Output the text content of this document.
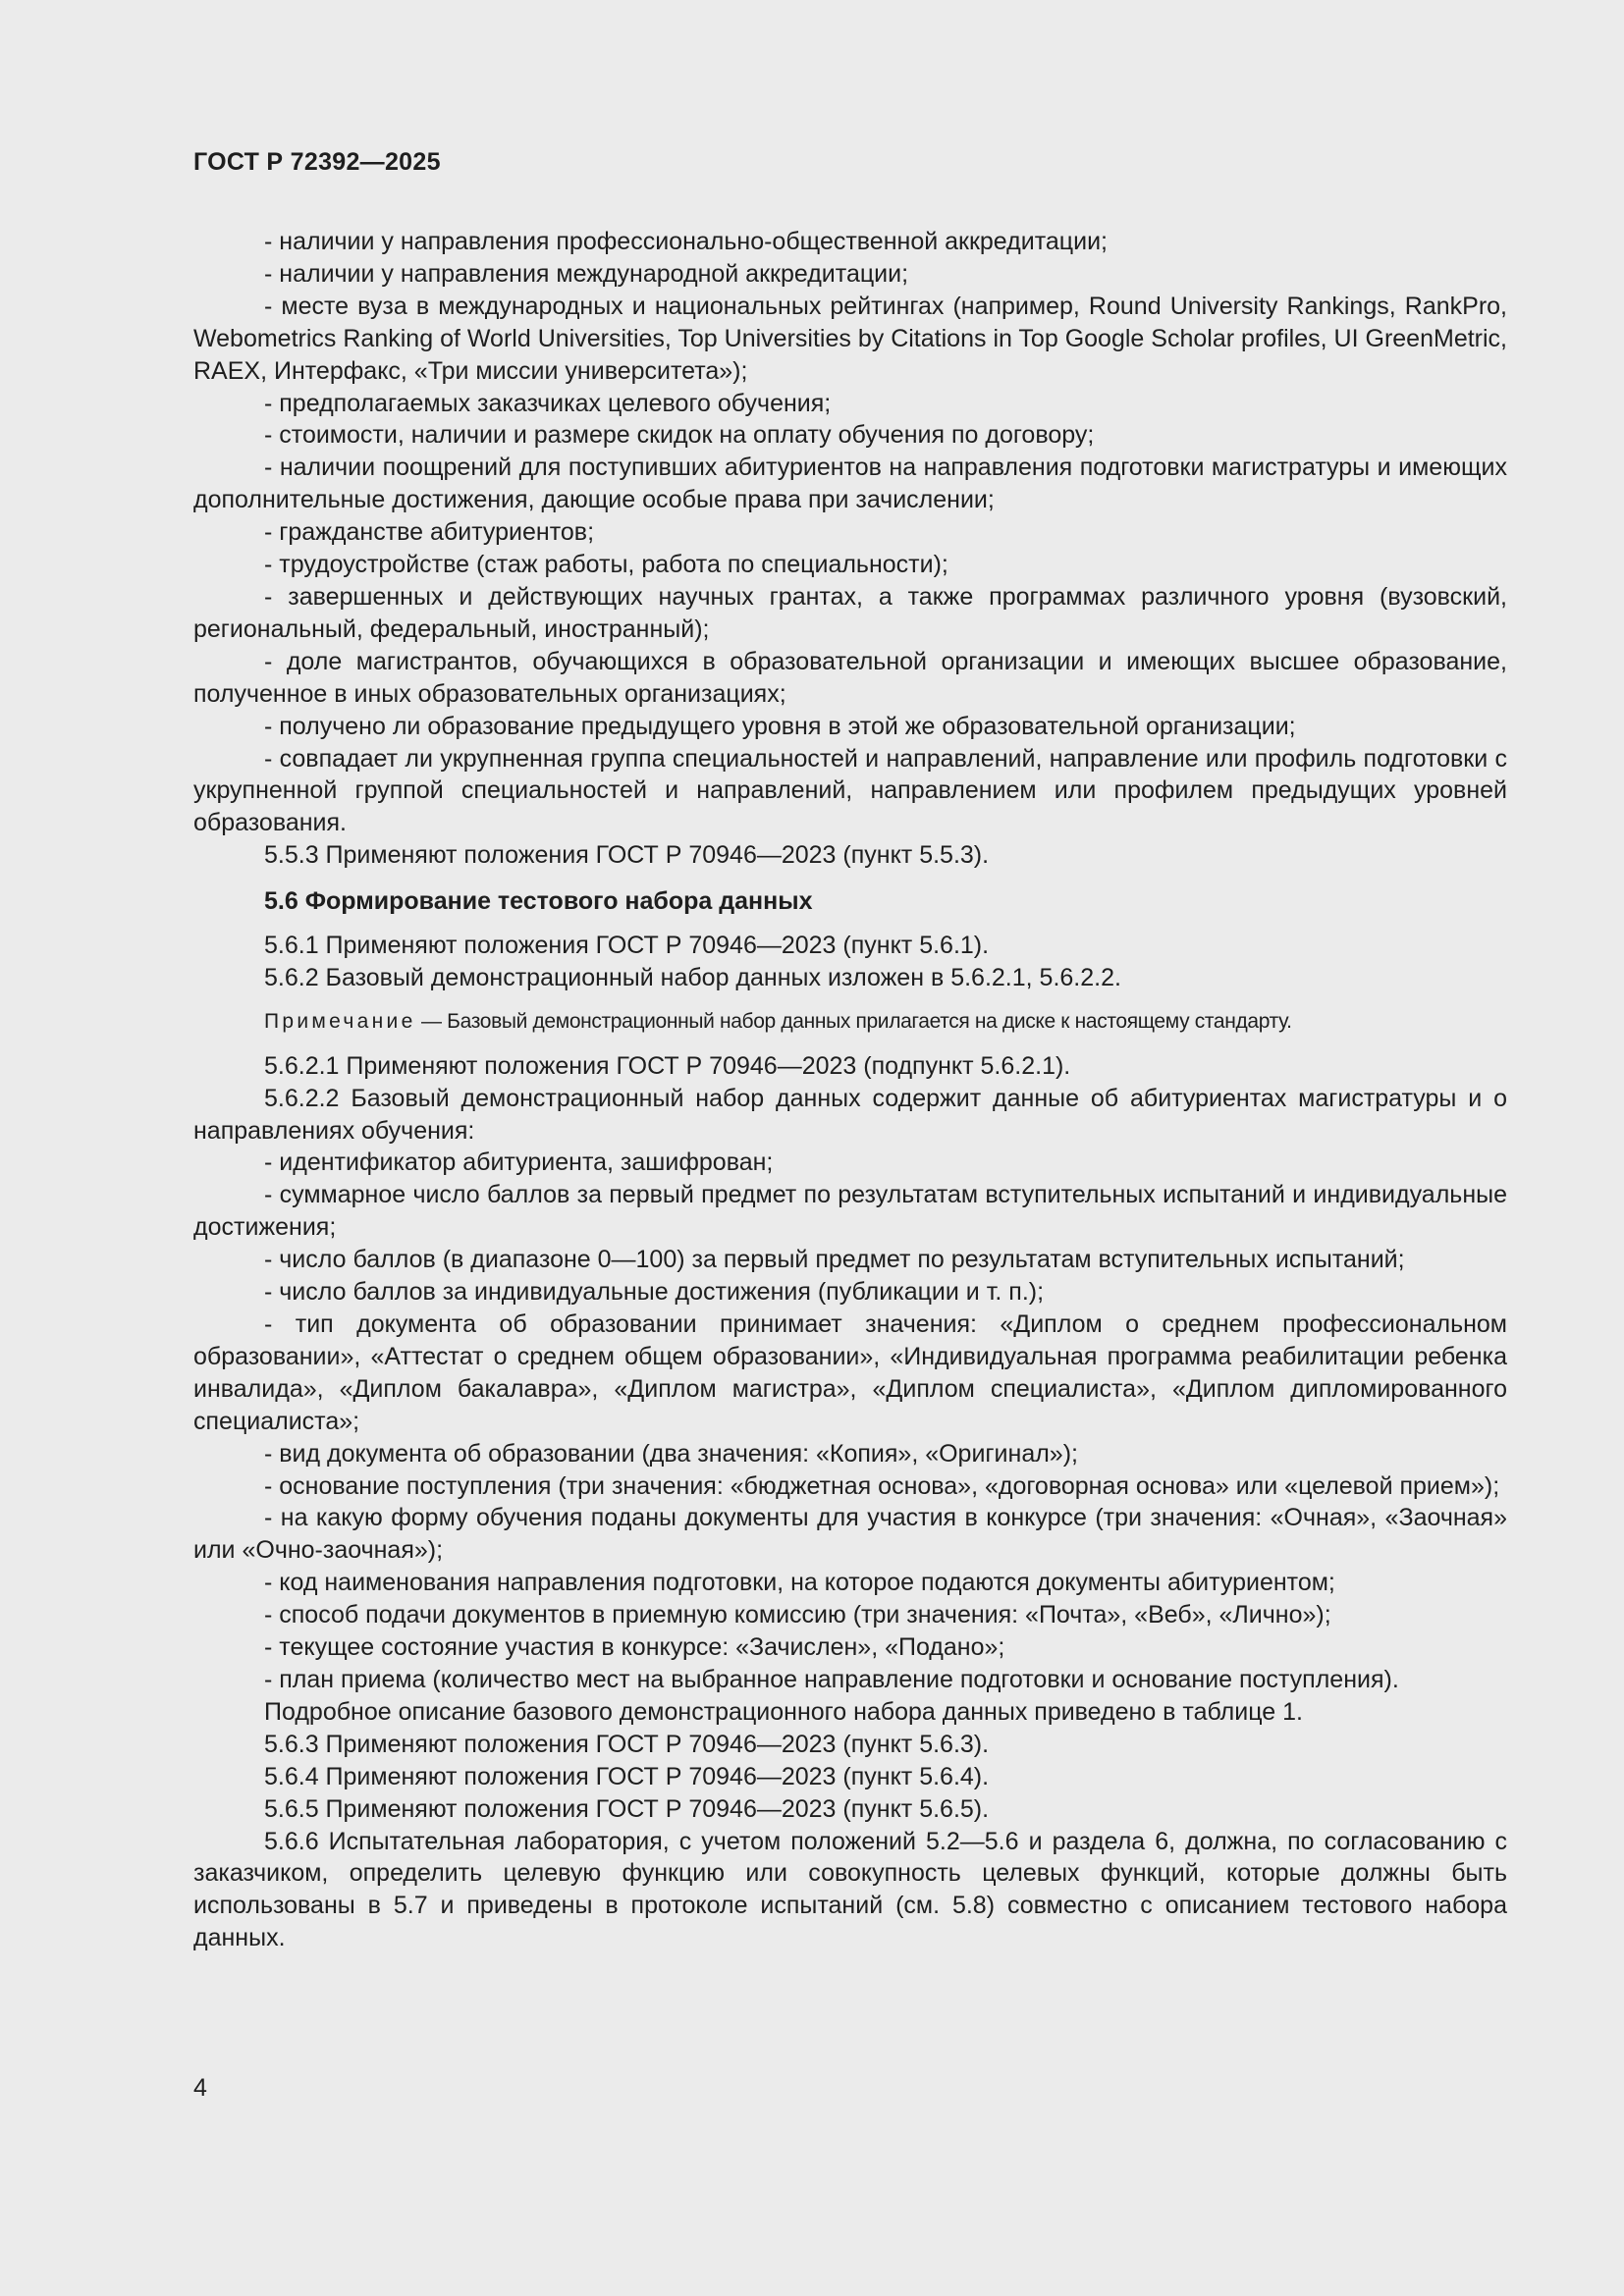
ГОСТ Р 72392—2025

- наличии у направления профессионально-общественной аккредитации;

- наличии у направления международной аккредитации;

- месте вуза в международных и национальных рейтингах (например, Round University Rankings, RankPro, Webometrics Ranking of World Universities, Top Universities by Citations in Top Google Scholar profiles, UI GreenMetric, RAEX, Интерфакс, «Три миссии университета»);

- предполагаемых заказчиках целевого обучения;

- стоимости, наличии и размере скидок на оплату обучения по договору;

- наличии поощрений для поступивших абитуриентов на направления подготовки магистратуры и имеющих дополнительные достижения, дающие особые права при зачислении;

- гражданстве абитуриентов;

- трудоустройстве (стаж работы, работа по специальности);

- завершенных и действующих научных грантах, а также программах различного уровня (вузовский, региональный, федеральный, иностранный);

- доле магистрантов, обучающихся в образовательной организации и имеющих высшее образование, полученное в иных образовательных организациях;

- получено ли образование предыдущего уровня в этой же образовательной организации;

- совпадает ли укрупненная группа специальностей и направлений, направление или профиль подготовки с укрупненной группой специальностей и направлений, направлением или профилем предыдущих уровней образования.

5.5.3 Применяют положения ГОСТ Р 70946—2023 (пункт 5.5.3).

5.6 Формирование тестового набора данных

5.6.1 Применяют положения ГОСТ Р 70946—2023 (пункт 5.6.1).

5.6.2 Базовый демонстрационный набор данных изложен в 5.6.2.1, 5.6.2.2.

Примечание — Базовый демонстрационный набор данных прилагается на диске к настоящему стандарту.

5.6.2.1 Применяют положения ГОСТ Р 70946—2023 (подпункт 5.6.2.1).

5.6.2.2 Базовый демонстрационный набор данных содержит данные об абитуриентах магистратуры и о направлениях обучения:

- идентификатор абитуриента, зашифрован;

- суммарное число баллов за первый предмет по результатам вступительных испытаний и индивидуальные достижения;

- число баллов (в диапазоне 0—100) за первый предмет по результатам вступительных испытаний;

- число баллов за индивидуальные достижения (публикации и т. п.);

- тип документа об образовании принимает значения: «Диплом о среднем профессиональном образовании», «Аттестат о среднем общем образовании», «Индивидуальная программа реабилитации ребенка инвалида», «Диплом бакалавра», «Диплом магистра», «Диплом специалиста», «Диплом дипломированного специалиста»;

- вид документа об образовании (два значения: «Копия», «Оригинал»);

- основание поступления (три значения: «бюджетная основа», «договорная основа» или «целевой прием»);

- на какую форму обучения поданы документы для участия в конкурсе (три значения: «Очная», «Заочная» или «Очно-заочная»);

- код наименования направления подготовки, на которое подаются документы абитуриентом;

- способ подачи документов в приемную комиссию (три значения: «Почта», «Веб», «Лично»);

- текущее состояние участия в конкурсе: «Зачислен», «Подано»;

- план приема (количество мест на выбранное направление подготовки и основание поступления).

Подробное описание базового демонстрационного набора данных приведено в таблице 1.

5.6.3 Применяют положения ГОСТ Р 70946—2023 (пункт 5.6.3).

5.6.4 Применяют положения ГОСТ Р 70946—2023 (пункт 5.6.4).

5.6.5 Применяют положения ГОСТ Р 70946—2023 (пункт 5.6.5).

5.6.6 Испытательная лаборатория, с учетом положений 5.2—5.6 и раздела 6, должна, по согласованию с заказчиком, определить целевую функцию или совокупность целевых функций, которые должны быть использованы в 5.7 и приведены в протоколе испытаний (см. 5.8) совместно с описанием тестового набора данных.

4
